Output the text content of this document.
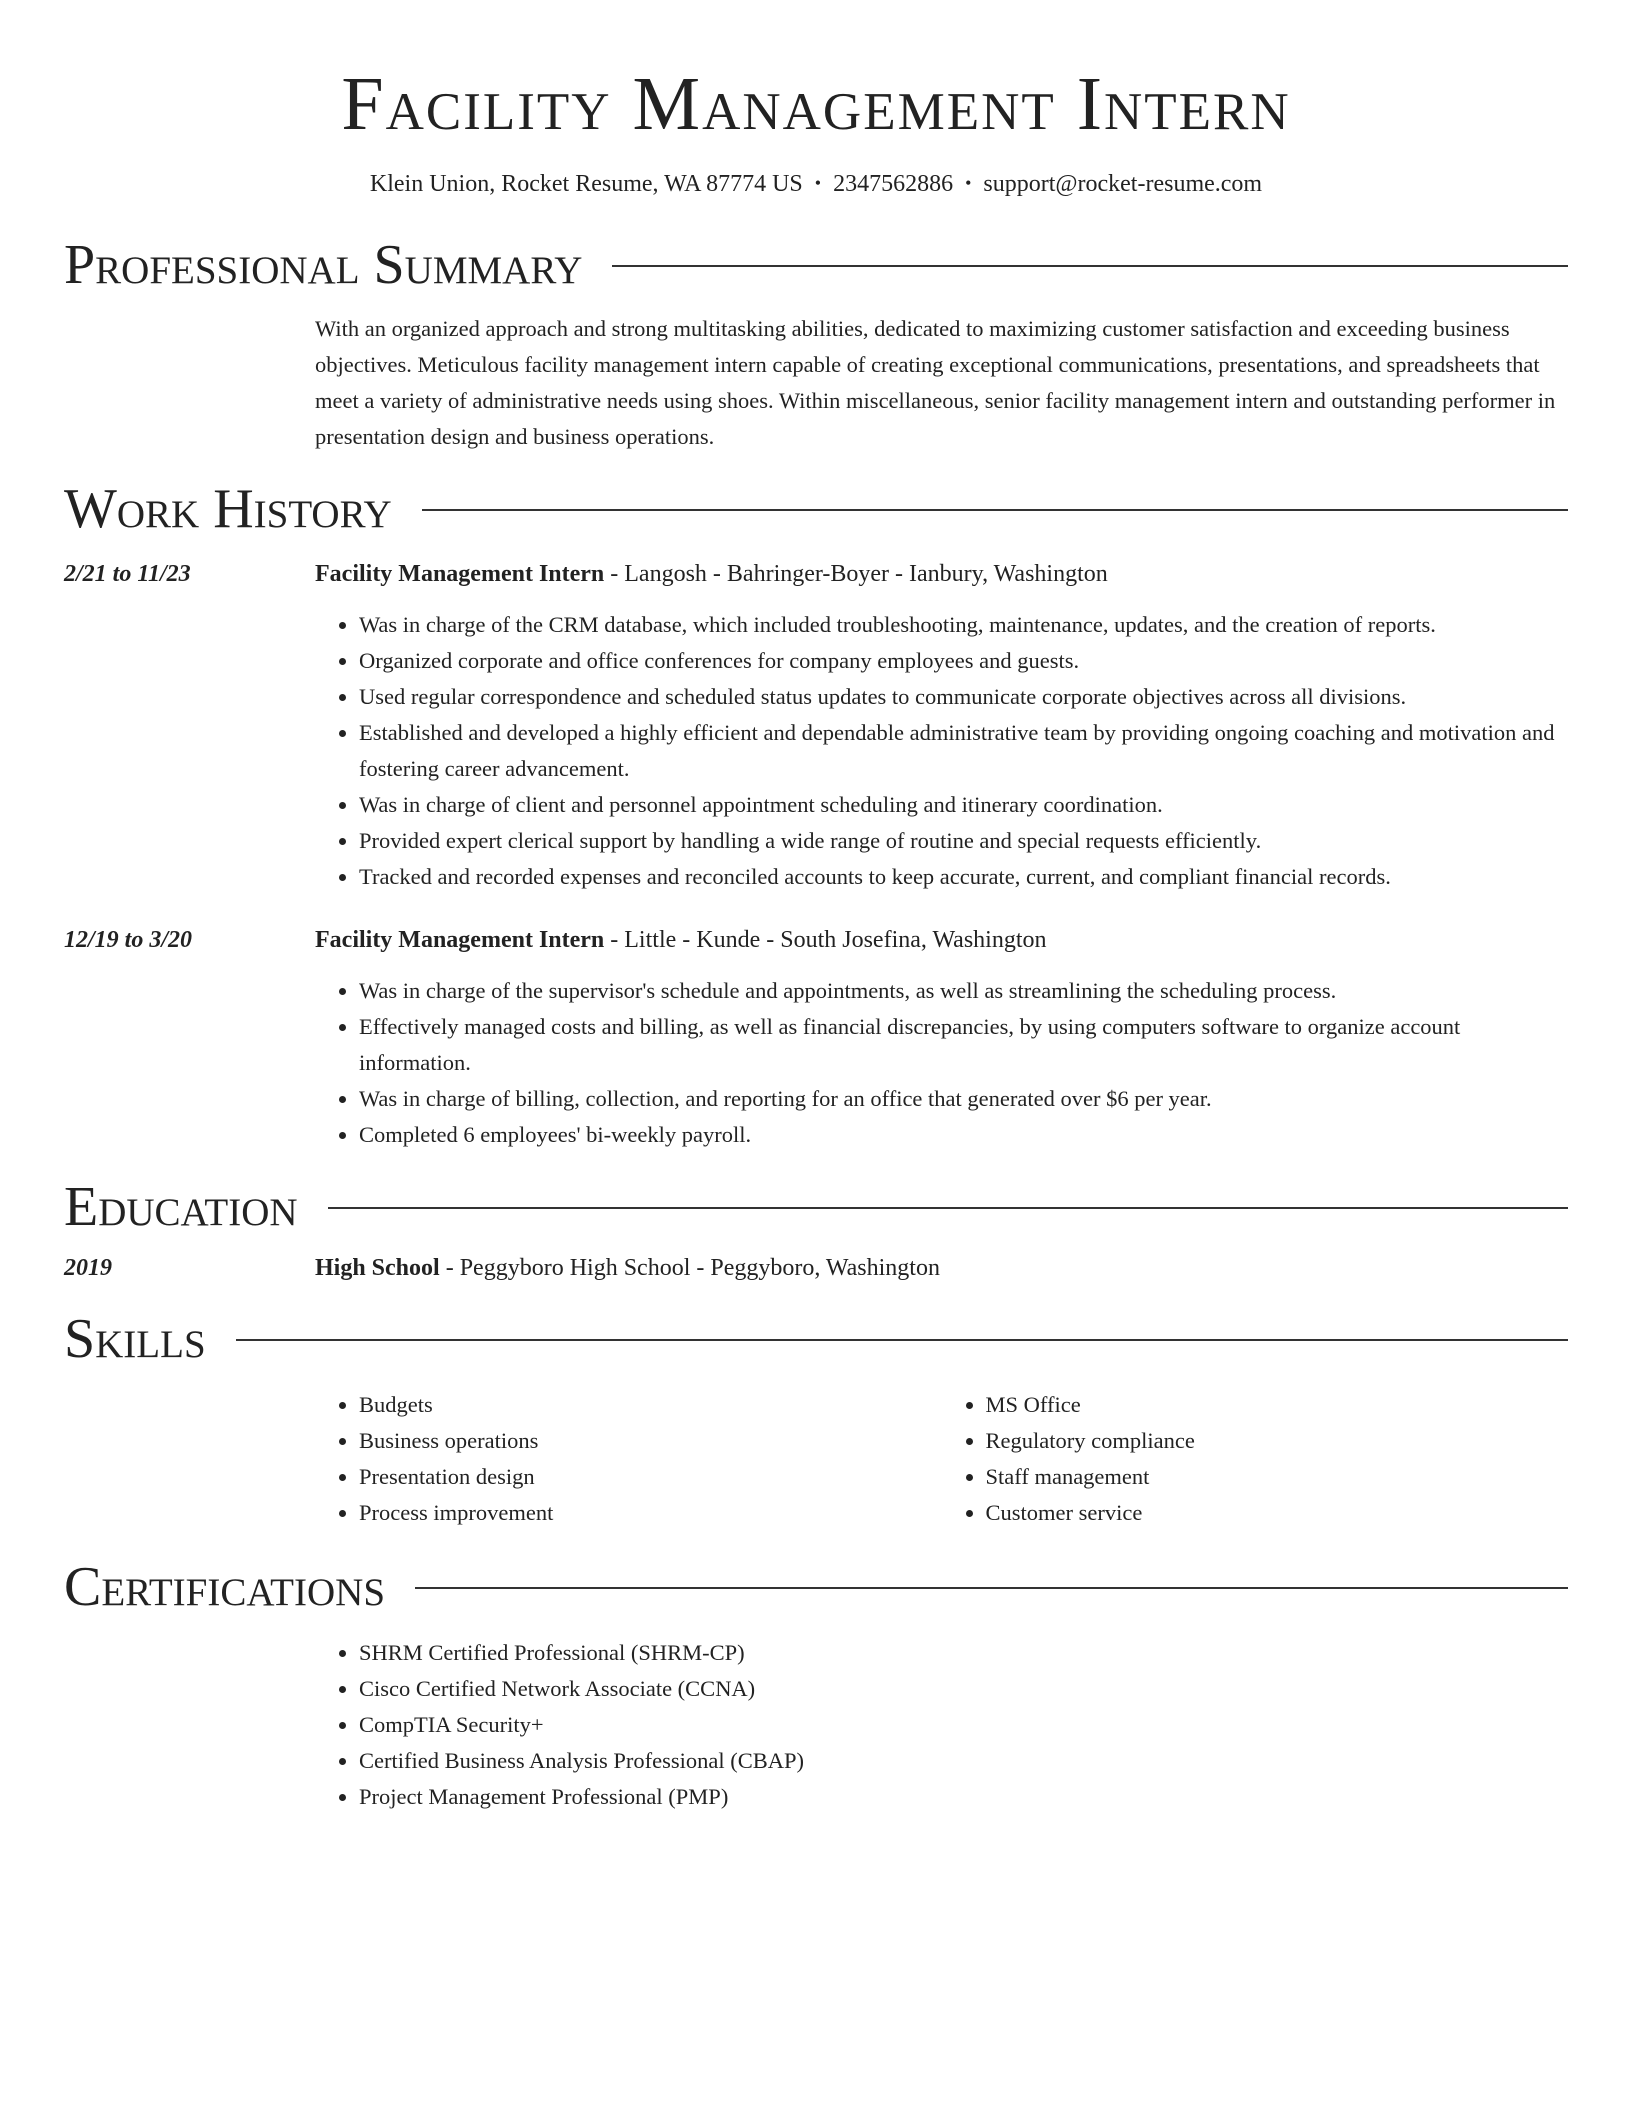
Facility Management Intern
Klein Union, Rocket Resume, WA 87774 US • 2347562886 • support@rocket-resume.com
Professional Summary

With an organized approach and strong multitasking abilities, dedicated to maximizing customer satisfaction and exceeding business objectives. Meticulous facility management intern capable of creating exceptional communications, presentations, and spreadsheets that meet a variety of administrative needs using shoes. Within miscellaneous, senior facility management intern and outstanding performer in presentation design and business operations.

Work History
2/21 to 11/23	Facility Management Intern - Langosh - Bahringer-Boyer - Ianbury, Washington
• Was in charge of the CRM database, which included troubleshooting, maintenance, updates, and the creation of reports.
• Organized corporate and office conferences for company employees and guests.
• Used regular correspondence and scheduled status updates to communicate corporate objectives across all divisions.
• Established and developed a highly efficient and dependable administrative team by providing ongoing coaching and motivation and fostering career advancement.
• Was in charge of client and personnel appointment scheduling and itinerary coordination.
• Provided expert clerical support by handling a wide range of routine and special requests efficiently.
• Tracked and recorded expenses and reconciled accounts to keep accurate, current, and compliant financial records.
12/19 to 3/20	Facility Management Intern - Little - Kunde - South Josefina, Washington
• Was in charge of the supervisor's schedule and appointments, as well as streamlining the scheduling process.
• Effectively managed costs and billing, as well as financial discrepancies, by using computers software to organize account information.
• Was in charge of billing, collection, and reporting for an office that generated over $6 per year.
• Completed 6 employees' bi-weekly payroll.
Education
2019	High School - Peggyboro High School - Peggyboro, Washington
Skills
• Budgets
• Business operations
• Presentation design
• Process improvement
• MS Office
• Regulatory compliance
• Staff management
• Customer service
Certifications
• SHRM Certified Professional (SHRM-CP)
• Cisco Certified Network Associate (CCNA)
• CompTIA Security+
• Certified Business Analysis Professional (CBAP)
• Project Management Professional (PMP)
